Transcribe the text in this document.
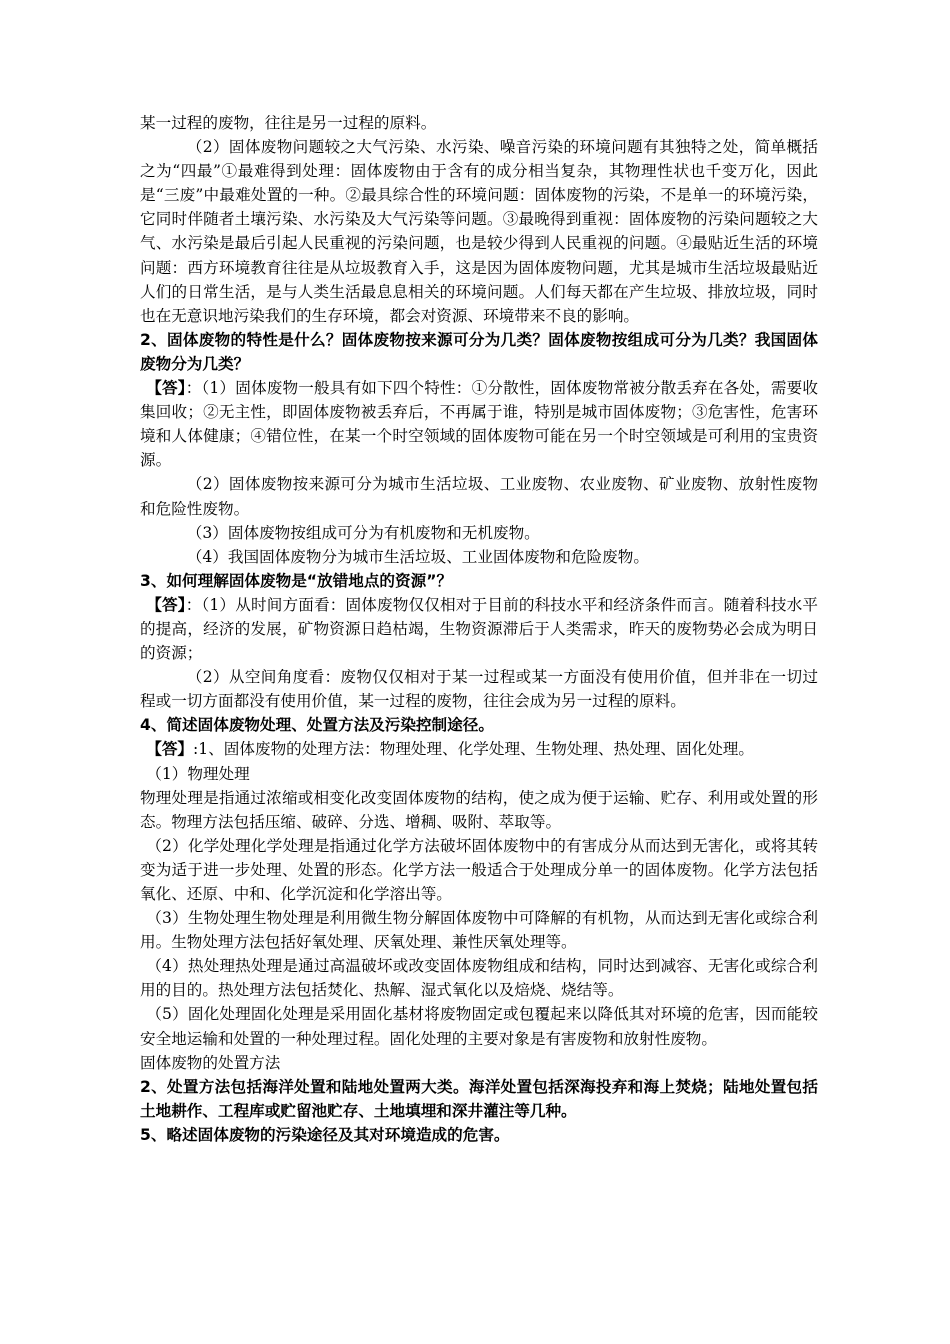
某一过程的废物，往往是另一过程的原料。

（2）固体废物问题较之大气污染、水污染、噪音污染的环境问题有其独特之处，简单概括之为“四最”①最难得到处理：固体废物由于含有的成分相当复杂，其物理性状也千变万化，因此是“三废”中最难处置的一种。②最具综合性的环境问题：固体废物的污染，不是单一的环境污染，它同时伴随者土壤污染、水污染及大气污染等问题。③最晚得到重视：固体废物的污染问题较之大气、水污染是最后引起人民重视的污染问题，也是较少得到人民重视的问题。④最贴近生活的环境问题：西方环境教育往往是从垃圾教育入手，这是因为固体废物问题，尤其是城市生活垃圾最贴近人们的日常生活，是与人类生活最息息相关的环境问题。人们每天都在产生垃圾、排放垃圾，同时也在无意识地污染我们的生存环境，都会对资源、环境带来不良的影响。

2、固体废物的特性是什么？固体废物按来源可分为几类？固体废物按组成可分为几类？我国固体废物分为几类？

【答】：（1）固体废物一般具有如下四个特性：①分散性，固体废物常被分散丢弃在各处，需要收集回收；②无主性，即固体废物被丢弃后，不再属于谁，特别是城市固体废物；③危害性，危害环境和人体健康；④错位性，在某一个时空领域的固体废物可能在另一个时空领域是可利用的宝贵资源。

（2）固体废物按来源可分为城市生活垃圾、工业废物、农业废物、矿业废物、放射性废物和危险性废物。

（3）固体废物按组成可分为有机废物和无机废物。

（4）我国固体废物分为城市生活垃圾、工业固体废物和危险废物。

3、如何理解固体废物是“放错地点的资源”？

【答】：（1）从时间方面看：固体废物仅仅相对于目前的科技水平和经济条件而言。随着科技水平的提高，经济的发展，矿物资源日趋枯竭，生物资源滞后于人类需求，昨天的废物势必会成为明日的资源；

（2）从空间角度看：废物仅仅相对于某一过程或某一方面没有使用价值，但并非在一切过程或一切方面都没有使用价值，某一过程的废物，往往会成为另一过程的原料。

4、简述固体废物处理、处置方法及污染控制途径。

【答】:1、固体废物的处理方法：物理处理、化学处理、生物处理、热处理、固化处理。

（1）物理处理

物理处理是指通过浓缩或相变化改变固体废物的结构，使之成为便于运输、贮存、利用或处置的形态。物理方法包括压缩、破碎、分选、增稠、吸附、萃取等。

（2）化学处理化学处理是指通过化学方法破坏固体废物中的有害成分从而达到无害化，或将其转变为适于进一步处理、处置的形态。化学方法一般适合于处理成分单一的固体废物。化学方法包括氧化、还原、中和、化学沉淀和化学溶出等。

（3）生物处理生物处理是利用微生物分解固体废物中可降解的有机物，从而达到无害化或综合利用。生物处理方法包括好氧处理、厌氧处理、兼性厌氧处理等。

（4）热处理热处理是通过高温破坏或改变固体废物组成和结构，同时达到减容、无害化或综合利用的目的。热处理方法包括焚化、热解、湿式氧化以及焙烧、烧结等。

（5）固化处理固化处理是采用固化基材将废物固定或包覆起来以降低其对环境的危害，因而能较安全地运输和处置的一种处理过程。固化处理的主要对象是有害废物和放射性废物。

固体废物的处置方法

2、处置方法包括海洋处置和陆地处置两大类。海洋处置包括深海投弃和海上焚烧；陆地处置包括土地耕作、工程库或贮留池贮存、土地填埋和深井灌注等几种。

5、略述固体废物的污染途径及其对环境造成的危害。
